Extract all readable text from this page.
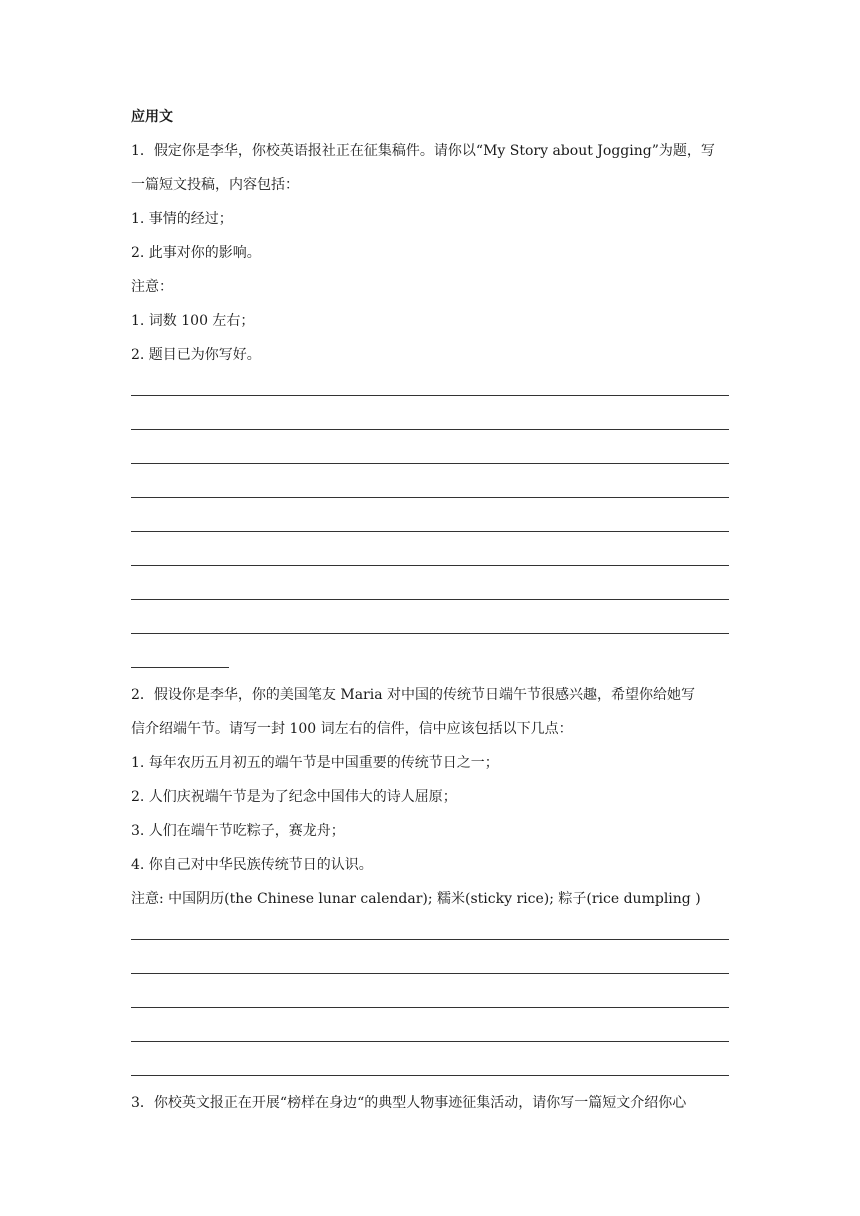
应用文
1．假定你是李华，你校英语报社正在征集稿件。请你以“My Story about Jogging”为题，写
一篇短文投稿，内容包括：
1. 事情的经过；
2. 此事对你的影响。
注意：
1. 词数 100 左右；
2. 题目已为你写好。
2．假设你是李华，你的美国笔友 Maria 对中国的传统节日端午节很感兴趣，希望你给她写
信介绍端午节。请写一封 100 词左右的信件，信中应该包括以下几点：
1. 每年农历五月初五的端午节是中国重要的传统节日之一；
2. 人们庆祝端午节是为了纪念中国伟大的诗人屈原；
3. 人们在端午节吃粽子，赛龙舟；
4. 你自己对中华民族传统节日的认识。
注意: 中国阴历(the Chinese lunar calendar); 糯米(sticky rice); 粽子(rice dumpling )
3．你校英文报正在开展“榜样在身边“的典型人物事迹征集活动，请你写一篇短文介绍你心
